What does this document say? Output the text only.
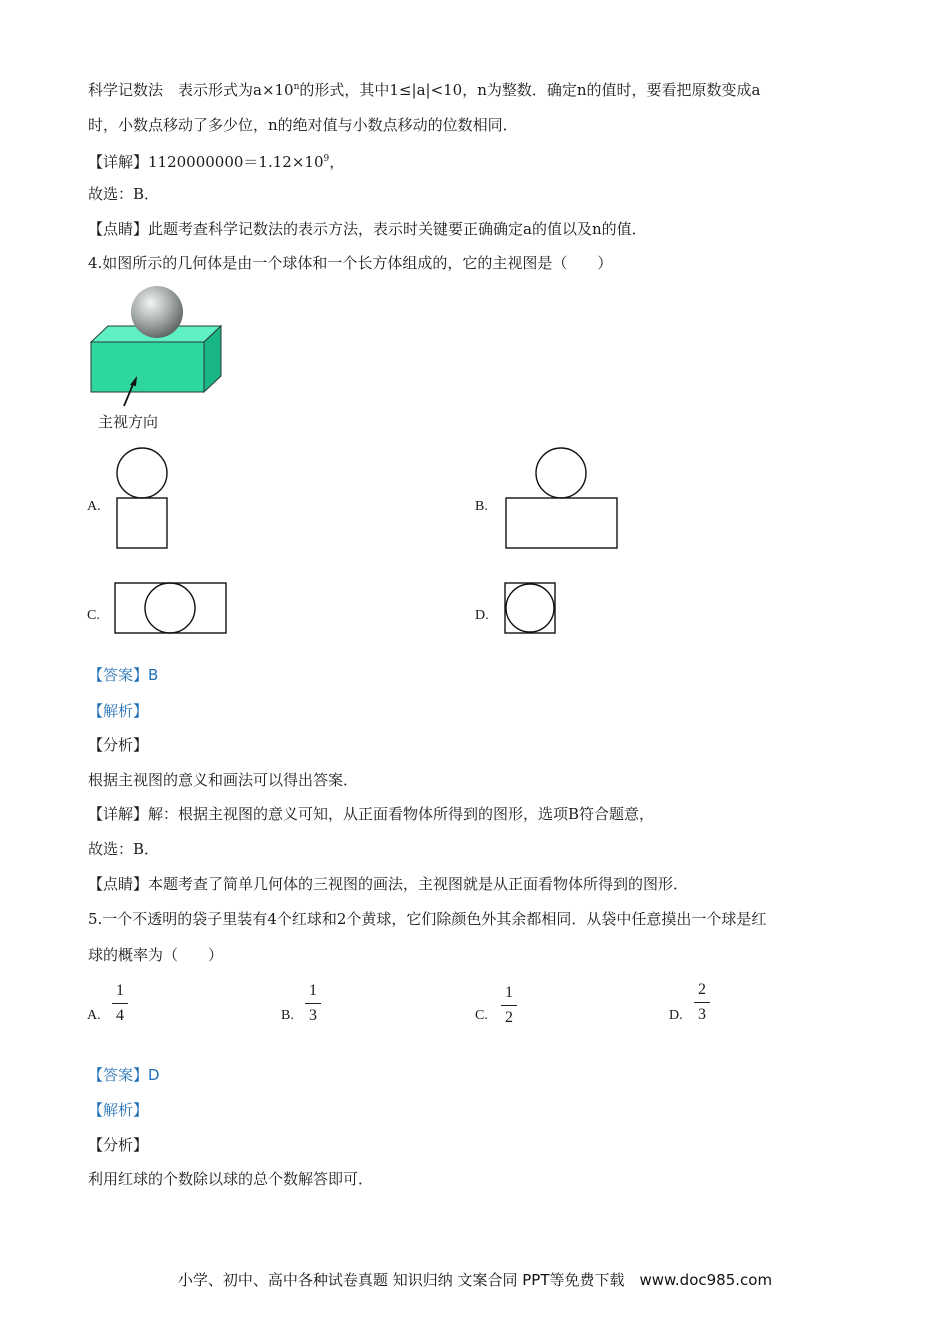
科学记数法　表示形式为$a\times 10^n$的形式，其中1≤|a|<10，n为整数．确定n的值时，要看把原数变成a
时，小数点移动了多少位，n的绝对值与小数点移动的位数相同．
【详解】$1120000000=1.12\times 10^9$，
故选：B．
【点睛】此题考查科学记数法的表示方法，表示时关键要正确确定a的值以及n的值．
4.如图所示的几何体是由一个球体和一个长方体组成的，它的主视图是（　　）
主视方向
A.	B.
C.	D.
【答案】B
【解析】
【分析】
根据主视图的意义和画法可以得出答案．
【详解】解：根据主视图的意义可知，从正面看物体所得到的图形，选项B符合题意，
故选：B．
【点睛】本题考查了简单几何体的三视图的画法，主视图就是从正面看物体所得到的图形．
5.一个不透明的袋子里装有4个红球和2个黄球，它们除颜色外其余都相同．从袋中任意摸出一个球是红
球的概率为（　　）
A.
1
4	B.
1
3	C.
1
2	D.
2
3
【答案】D
【解析】
【分析】
利用红球的个数除以球的总个数解答即可．
小学、初中、高中各种试卷真题 知识归纳 文案合同 PPT等免费下载　www.doc985.com
